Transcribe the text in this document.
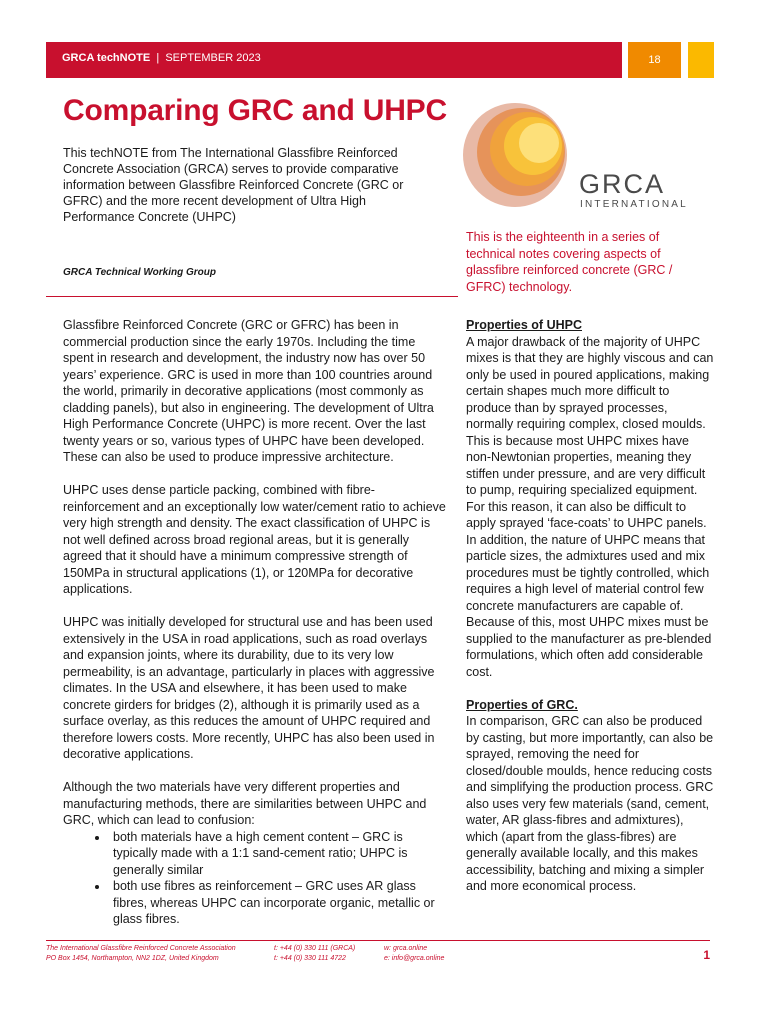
GRCA techNOTE | SEPTEMBER 2023	18
Comparing GRC and UHPC

This techNOTE from The International Glassfibre Reinforced Concrete Association (GRCA) serves to provide comparative information between Glassfibre Reinforced Concrete (GRC or GFRC) and the more recent development of Ultra High Performance Concrete (UHPC)

GRCA Technical Working Group

GRCA
INTERNATIONAL

This is the eighteenth in a series of technical notes covering aspects of glassfibre reinforced concrete (GRC / GFRC) technology.

Glassfibre Reinforced Concrete (GRC or GFRC) has been in commercial production since the early 1970s. Including the time spent in research and development, the industry now has over 50 years’ experience. GRC is used in more than 100 countries around the world, primarily in decorative applications (most commonly as cladding panels), but also in engineering. The development of Ultra High Performance Concrete (UHPC) is more recent. Over the last twenty years or so, various types of UHPC have been developed. These can also be used to produce impressive architecture.

UHPC uses dense particle packing, combined with fibre-reinforcement and an exceptionally low water/cement ratio to achieve very high strength and density. The exact classification of UHPC is not well defined across broad regional areas, but it is generally agreed that it should have a minimum compressive strength of 150MPa in structural applications (1), or 120MPa for decorative applications.

UHPC was initially developed for structural use and has been used extensively in the USA in road applications, such as road overlays and expansion joints, where its durability, due to its very low permeability, is an advantage, particularly in places with aggressive climates. In the USA and elsewhere, it has been used to make concrete girders for bridges (2), although it is primarily used as a surface overlay, as this reduces the amount of UHPC required and therefore lowers costs. More recently, UHPC has also been used in decorative applications.

Although the two materials have very different properties and manufacturing methods, there are similarities between UHPC and GRC, which can lead to confusion:

• both materials have a high cement content – GRC is typically made with a 1:1 sand-cement ratio; UHPC is generally similar
• both use fibres as reinforcement – GRC uses AR glass fibres, whereas UHPC can incorporate organic, metallic or glass fibres.
Properties of UHPC

A major drawback of the majority of UHPC mixes is that they are highly viscous and can only be used in poured applications, making certain shapes much more difficult to produce than by sprayed processes, normally requiring complex, closed moulds. This is because most UHPC mixes have non-Newtonian properties, meaning they stiffen under pressure, and are very difficult to pump, requiring specialized equipment. For this reason, it can also be difficult to apply sprayed ‘face-coats’ to UHPC panels. In addition, the nature of UHPC means that particle sizes, the admixtures used and mix procedures must be tightly controlled, which requires a high level of material control few concrete manufacturers are capable of. Because of this, most UHPC mixes must be supplied to the manufacturer as pre-blended formulations, which often add considerable cost.

Properties of GRC.

In comparison, GRC can also be produced by casting, but more importantly, can also be sprayed, removing the need for closed/double moulds, hence reducing costs and simplifying the production process. GRC also uses very few materials (sand, cement, water, AR glass-fibres and admixtures), which (apart from the glass-fibres) are generally available locally, and this makes accessibility, batching and mixing a simpler and more economical process.

The International Glassfibre Reinforced Concrete Association
PO Box 1454, Northampton, NN2 1DZ, United Kingdom
t: +44 (0) 330 111 (GRCA)
t: +44 (0) 330 111 4722
w: grca.online
e: info@grca.online	1
